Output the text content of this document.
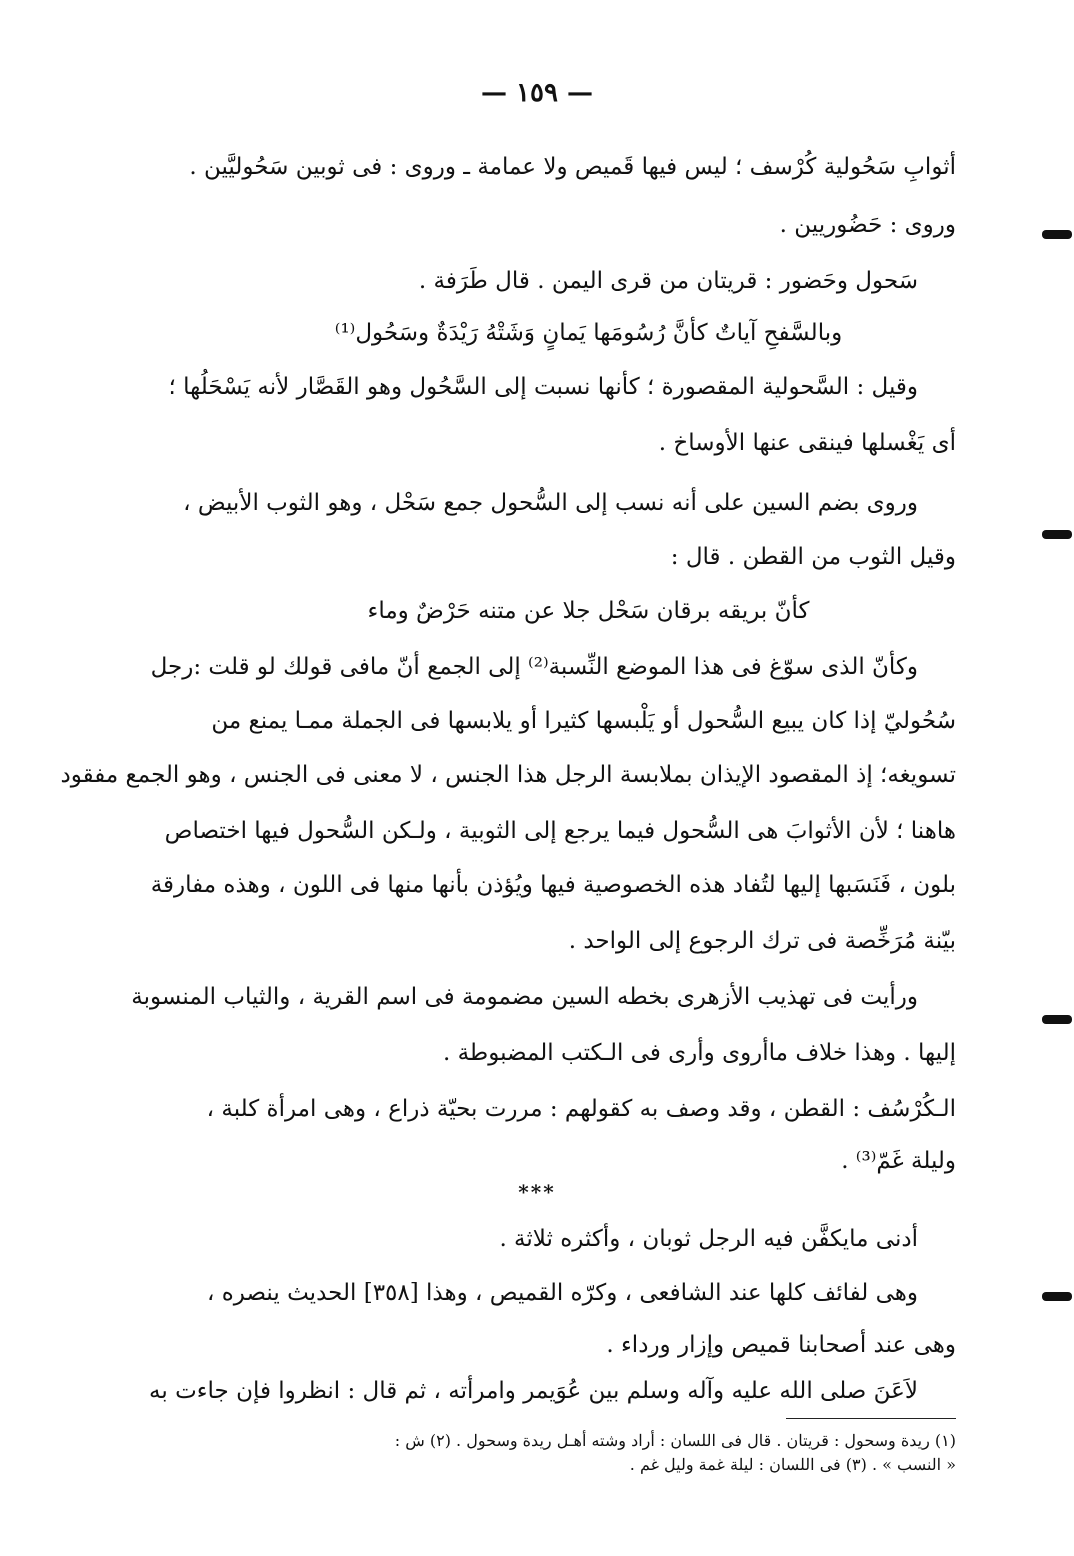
— ١٥٩ —
أثوابِ سَحُولية كُرْسف ؛ ليس فيها قَميص ولا عمامة ـ وروى : فى ثوبين سَحُوليَّين .
وروى : حَضُوريين .
سَحول وحَضور : قريتان من قرى اليمن . قال طَرَفة .
وبالسَّفحِ آياتٌ كأنَّ رُسُومَها يَمانٍ وَشَتْهُ رَيْدَةٌ وسَحُول⁽¹⁾
وقيل : السَّحولية المقصورة ؛ كأنها نسبت إلى السَّحُول وهو القَصَّار لأنه يَسْحَلُها ؛
أى يَغْسلها فينقى عنها الأوساخ .
وروى بضم السين على أنه نسب إلى السُّحول جمع سَحْل ، وهو الثوب الأبيض ،
وقيل الثوب من القطن . قال :
كأنّ بريقه برقان سَحْل جلا عن متنه حَرْضٌ وماء
وكأنّ الذى سوّغ فى هذا الموضع النِّسبة⁽²⁾ إلى الجمع أنّ مافى قولك لو قلت :رجل
سُحُوليّ إذا كان يبيع السُّحول أو يَلْبسها كثيرا أو يلابسها فى الجملة ممـا يمنع من
تسويغه؛ إذ المقصود الإيذان بملابسة الرجل هذا الجنس ، لا معنى فى الجنس ، وهو الجمع مفقود
هاهنا ؛ لأن الأثوابَ هى السُّحول فيما يرجع إلى الثوبية ، ولـكن السُّحول فيها اختصاص
بلون ، فَنَسَبها إليها لتُفاد هذه الخصوصية فيها ويُؤذن بأنها منها فى اللون ، وهذه مفارقة
بيّنة مُرَخِّصة فى ترك الرجوع إلى الواحد .
ورأيت فى تهذيب الأزهرى بخطه السين مضمومة فى اسم القرية ، والثياب المنسوبة
إليها . وهذا خلاف ماأروى وأرى فى الـكتب المضبوطة .
الـكُرْسُف : القطن ، وقد وصف به كقولهم : مررت بحيّة ذراع ، وهى امرأة كلبة ،
وليلة غَمّ⁽³⁾ .
أدنى مايكفَّن فيه الرجل ثوبان ، وأكثره ثلاثة .
وهى لفائف كلها عند الشافعى ، وكرّه القميص ، وهذا [٣٥٨] الحديث ينصره ،
وهى عند أصحابنا قميص وإزار ورداء .
لاَعَنَ صلى الله عليه وآله وسلم بين عُوَيمر وامرأته ، ثم قال : انظروا فإن جاءت به
***
(١) ريدة وسحول : قريتان . قال فى اللسان : أراد وشته أهـل ريدة وسحول . (٢) ش :
« النسب » . (٣) فى اللسان : ليلة غمة وليل غم .
